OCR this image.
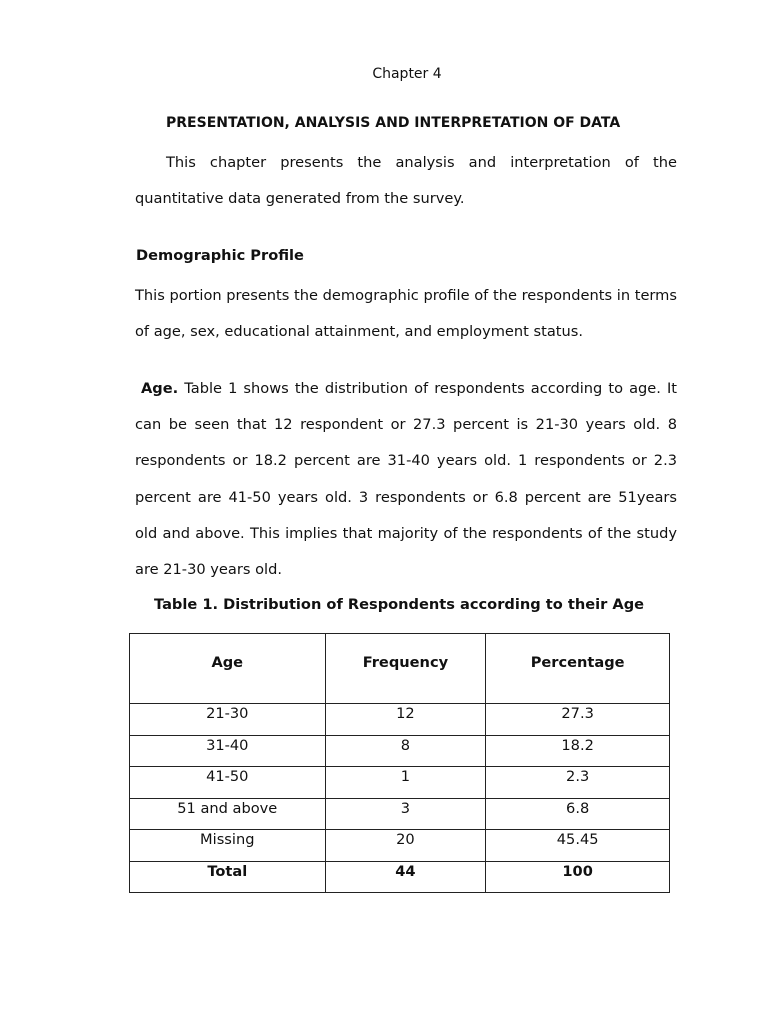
Chapter 4
PRESENTATION, ANALYSIS AND INTERPRETATION OF DATA

This chapter presents the analysis and interpretation of the quantitative data generated from the survey.

Demographic Profile

This portion presents the demographic profile of the respondents in terms of age, sex, educational attainment, and employment status.

Age. Table 1 shows the distribution of respondents according to age. It can be seen that 12 respondent or 27.3 percent is 21-30 years old. 8 respondents or 18.2 percent are 31-40 years old. 1 respondents or 2.3 percent are 41-50 years old. 3 respondents or 6.8 percent are 51years old and above. This implies that majority of the respondents of the study are 21-30 years old.

Table 1. Distribution of Respondents according to their Age
Age	Frequency	Percentage
21-30	12	27.3
31-40	8	18.2
41-50	1	2.3
51 and above	3	6.8
Missing	20	45.45
Total	44	100
